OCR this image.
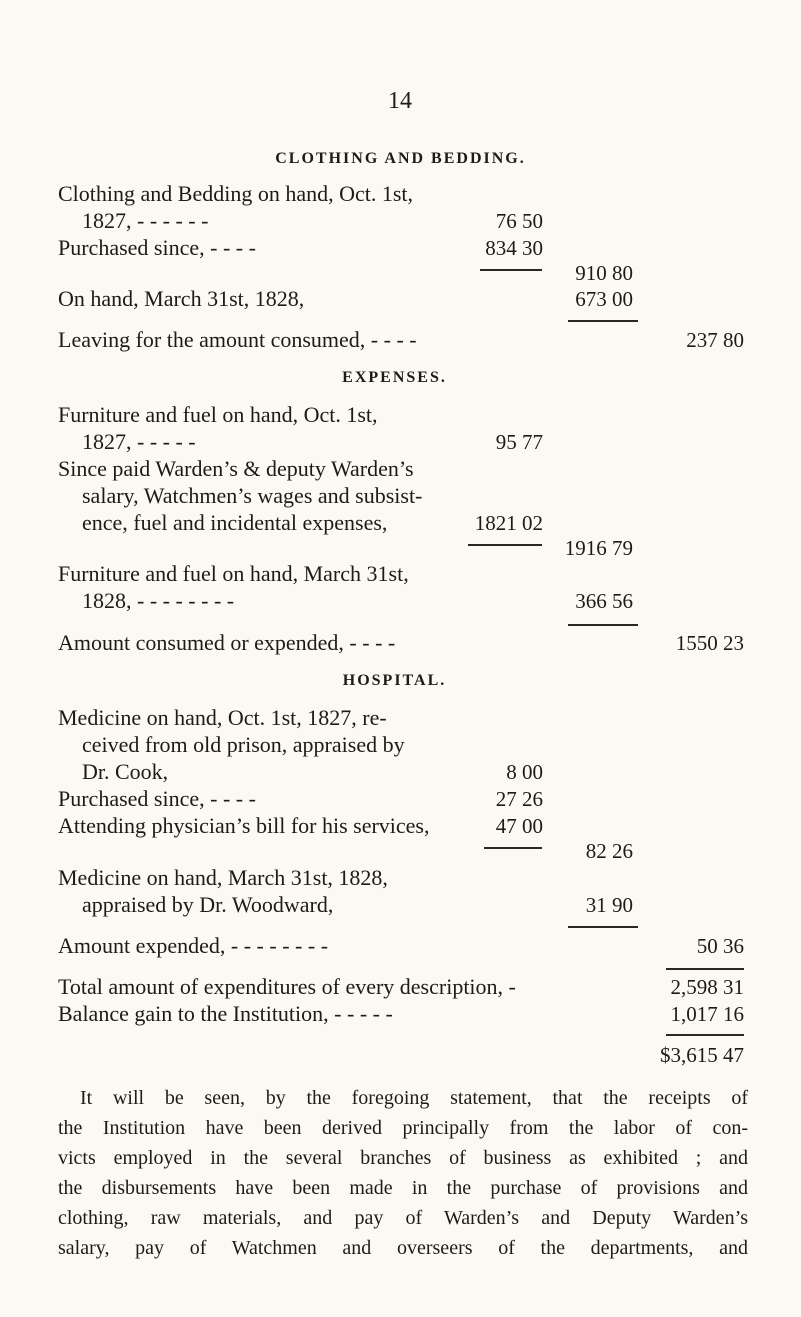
14
CLOTHING AND BEDDING.
Clothing and Bedding on hand, Oct. 1st,
1827, - - - - - -	76 50
Purchased since, - - - -	834 30
910 80
On hand, March 31st, 1828,	673 00
Leaving for the amount consumed, - - - -	237 80
EXPENSES.
Furniture and fuel on hand, Oct. 1st,
1827, - - - - -	95 77
Since paid Warden’s & deputy Warden’s
salary, Watchmen’s wages and subsist-
ence, fuel and incidental expenses,	1821 02
1916 79
Furniture and fuel on hand, March 31st,
1828, - - - - - - - -	366 56
Amount consumed or expended, - - - -	1550 23
HOSPITAL.
Medicine on hand, Oct. 1st, 1827, re-
ceived from old prison, appraised by
Dr. Cook,	8 00
Purchased since, - - - -	27 26
Attending physician’s bill for his services,	47 00
82 26
Medicine on hand, March 31st, 1828,
appraised by Dr. Woodward,	31 90
Amount expended, - - - - - - - -	50 36
Total amount of expenditures of every description, -	2,598 31
Balance gain to the Institution, - - - - -	1,017 16
$3,615 47
It will be seen, by the foregoing statement, that the receipts of
the Institution have been derived principally from the labor of con-
victs employed in the several branches of business as exhibited ; and
the disbursements have been made in the purchase of provisions and
clothing, raw materials, and pay of Warden’s and Deputy Warden’s
salary, pay of Watchmen and overseers of the departments, and
